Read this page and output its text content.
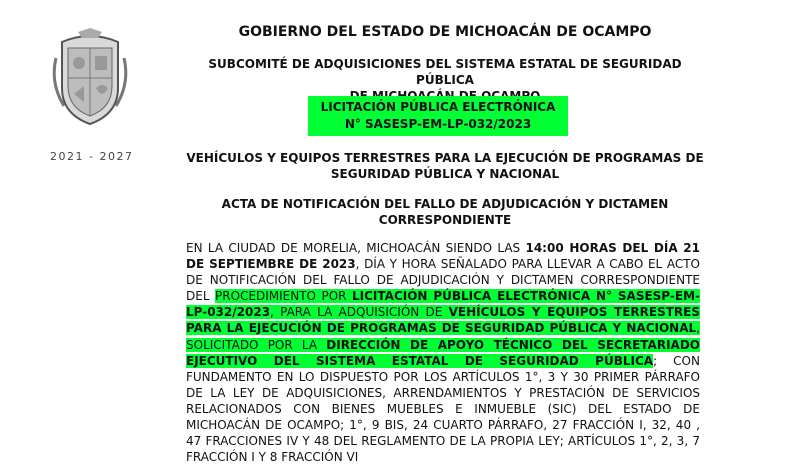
2021 - 2027
GOBIERNO DEL ESTADO DE MICHOACÁN DE OCAMPO
SUBCOMITÉ DE ADQUISICIONES DEL SISTEMA ESTATAL DE SEGURIDAD PÚBLICA

LICITACIÓN PÚBLICA ELECTRÓNICA
N° SASESP-EM-LP-032/2023
VEHÍCULOS Y EQUIPOS TERRESTRES PARA LA EJECUCIÓN DE PROGRAMAS DE
SEGURIDAD PÚBLICA Y NACIONAL
ACTA DE NOTIFICACIÓN DEL FALLO DE ADJUDICACIÓN Y DICTAMEN
CORRESPONDIENTE

EN LA CIUDAD DE MORELIA, MICHOACÁN SIENDO LAS 14:00 HORAS DEL DÍA 21 DE SEPTIEMBRE DE 2023, DÍA Y HORA SEÑALADO PARA LLEVAR A CABO EL ACTO DE NOTIFICACIÓN DEL FALLO DE ADJUDICACIÓN Y DICTAMEN CORRESPONDIENTE DEL PROCEDIMIENTO POR LICITACIÓN PÚBLICA ELECTRÓNICA N° SASESP-EM-LP-032/2023, PARA LA ADQUISICIÓN DE VEHÍCULOS Y EQUIPOS TERRESTRES PARA LA EJECUCIÓN DE PROGRAMAS DE SEGURIDAD PÚBLICA Y NACIONAL, SOLICITADO POR LA DIRECCIÓN DE APOYO TÉCNICO DEL SECRETARIADO EJECUTIVO DEL SISTEMA ESTATAL DE SEGURIDAD PÚBLICA; CON FUNDAMENTO EN LO DISPUESTO POR LOS ARTÍCULOS 1°, 3 Y 30 PRIMER PÁRRAFO DE LA LEY DE ADQUISICIONES, ARRENDAMIENTOS Y PRESTACIÓN DE SERVICIOS RELACIONADOS CON BIENES MUEBLES E INMUEBLE (SIC) DEL ESTADO DE MICHOACÁN DE OCAMPO; 1°, 9 BIS, 24 CUARTO PÁRRAFO, 27 FRACCIÓN I, 32, 40 , 47 FRACCIONES IV Y 48 DEL REGLAMENTO DE LA PROPIA LEY; ARTÍCULOS 1°, 2, 3, 7 FRACCIÓN I Y 8 FRACCIÓN VI
